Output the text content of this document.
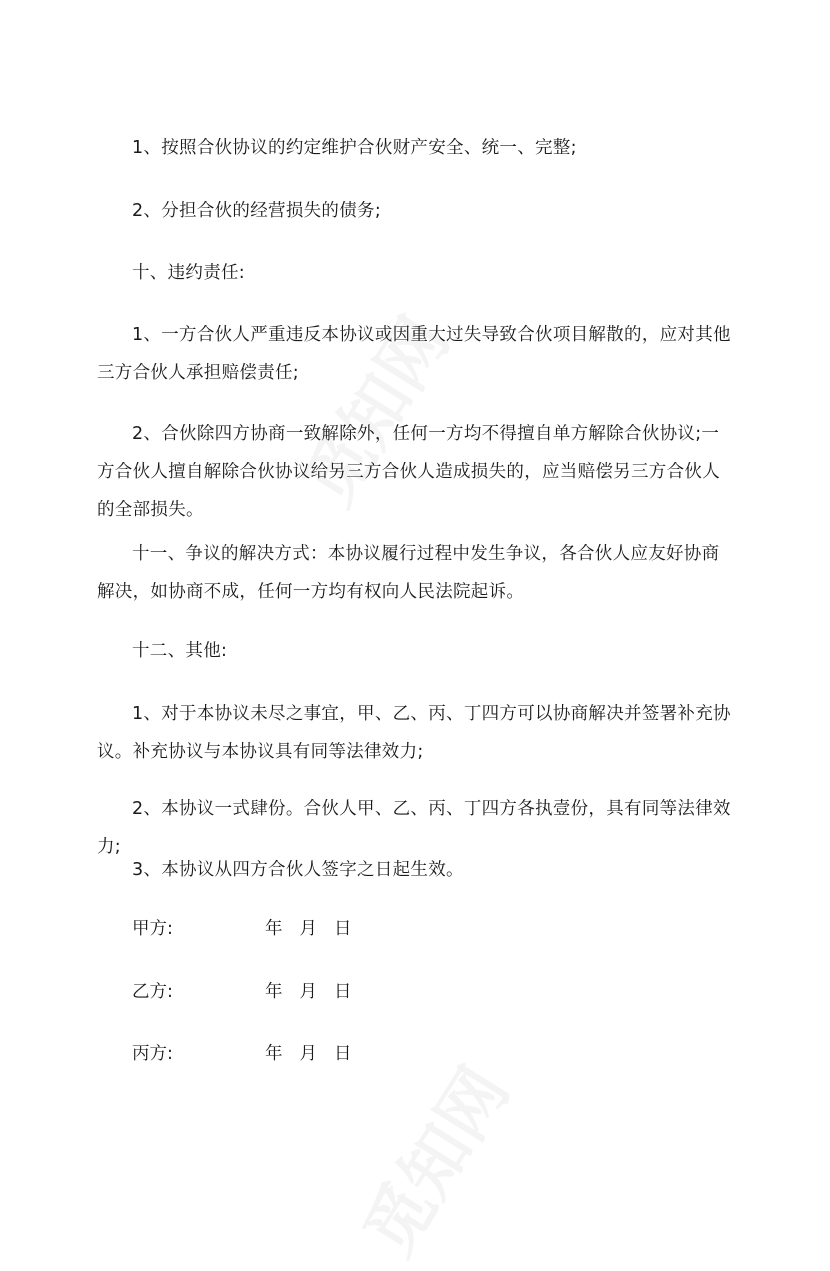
1、按照合伙协议的约定维护合伙财产安全、统一、完整;

2、分担合伙的经营损失的债务;

十、违约责任:

1、一方合伙人严重违反本协议或因重大过失导致合伙项目解散的，应对其他三方合伙人承担赔偿责任;

2、合伙除四方协商一致解除外，任何一方均不得擅自单方解除合伙协议;一方合伙人擅自解除合伙协议给另三方合伙人造成损失的，应当赔偿另三方合伙人的全部损失。

十一、争议的解决方式：本协议履行过程中发生争议，各合伙人应友好协商解决，如协商不成，任何一方均有权向人民法院起诉。

十二、其他:

1、对于本协议未尽之事宜，甲、乙、丙、丁四方可以协商解决并签署补充协议。补充协议与本协议具有同等法律效力;

2、本协议一式肆份。合伙人甲、乙、丙、丁四方各执壹份，具有同等法律效力;

3、本协议从四方合伙人签字之日起生效。

甲方:	年 月 日
乙方:	年 月 日
丙方:	年 月 日
